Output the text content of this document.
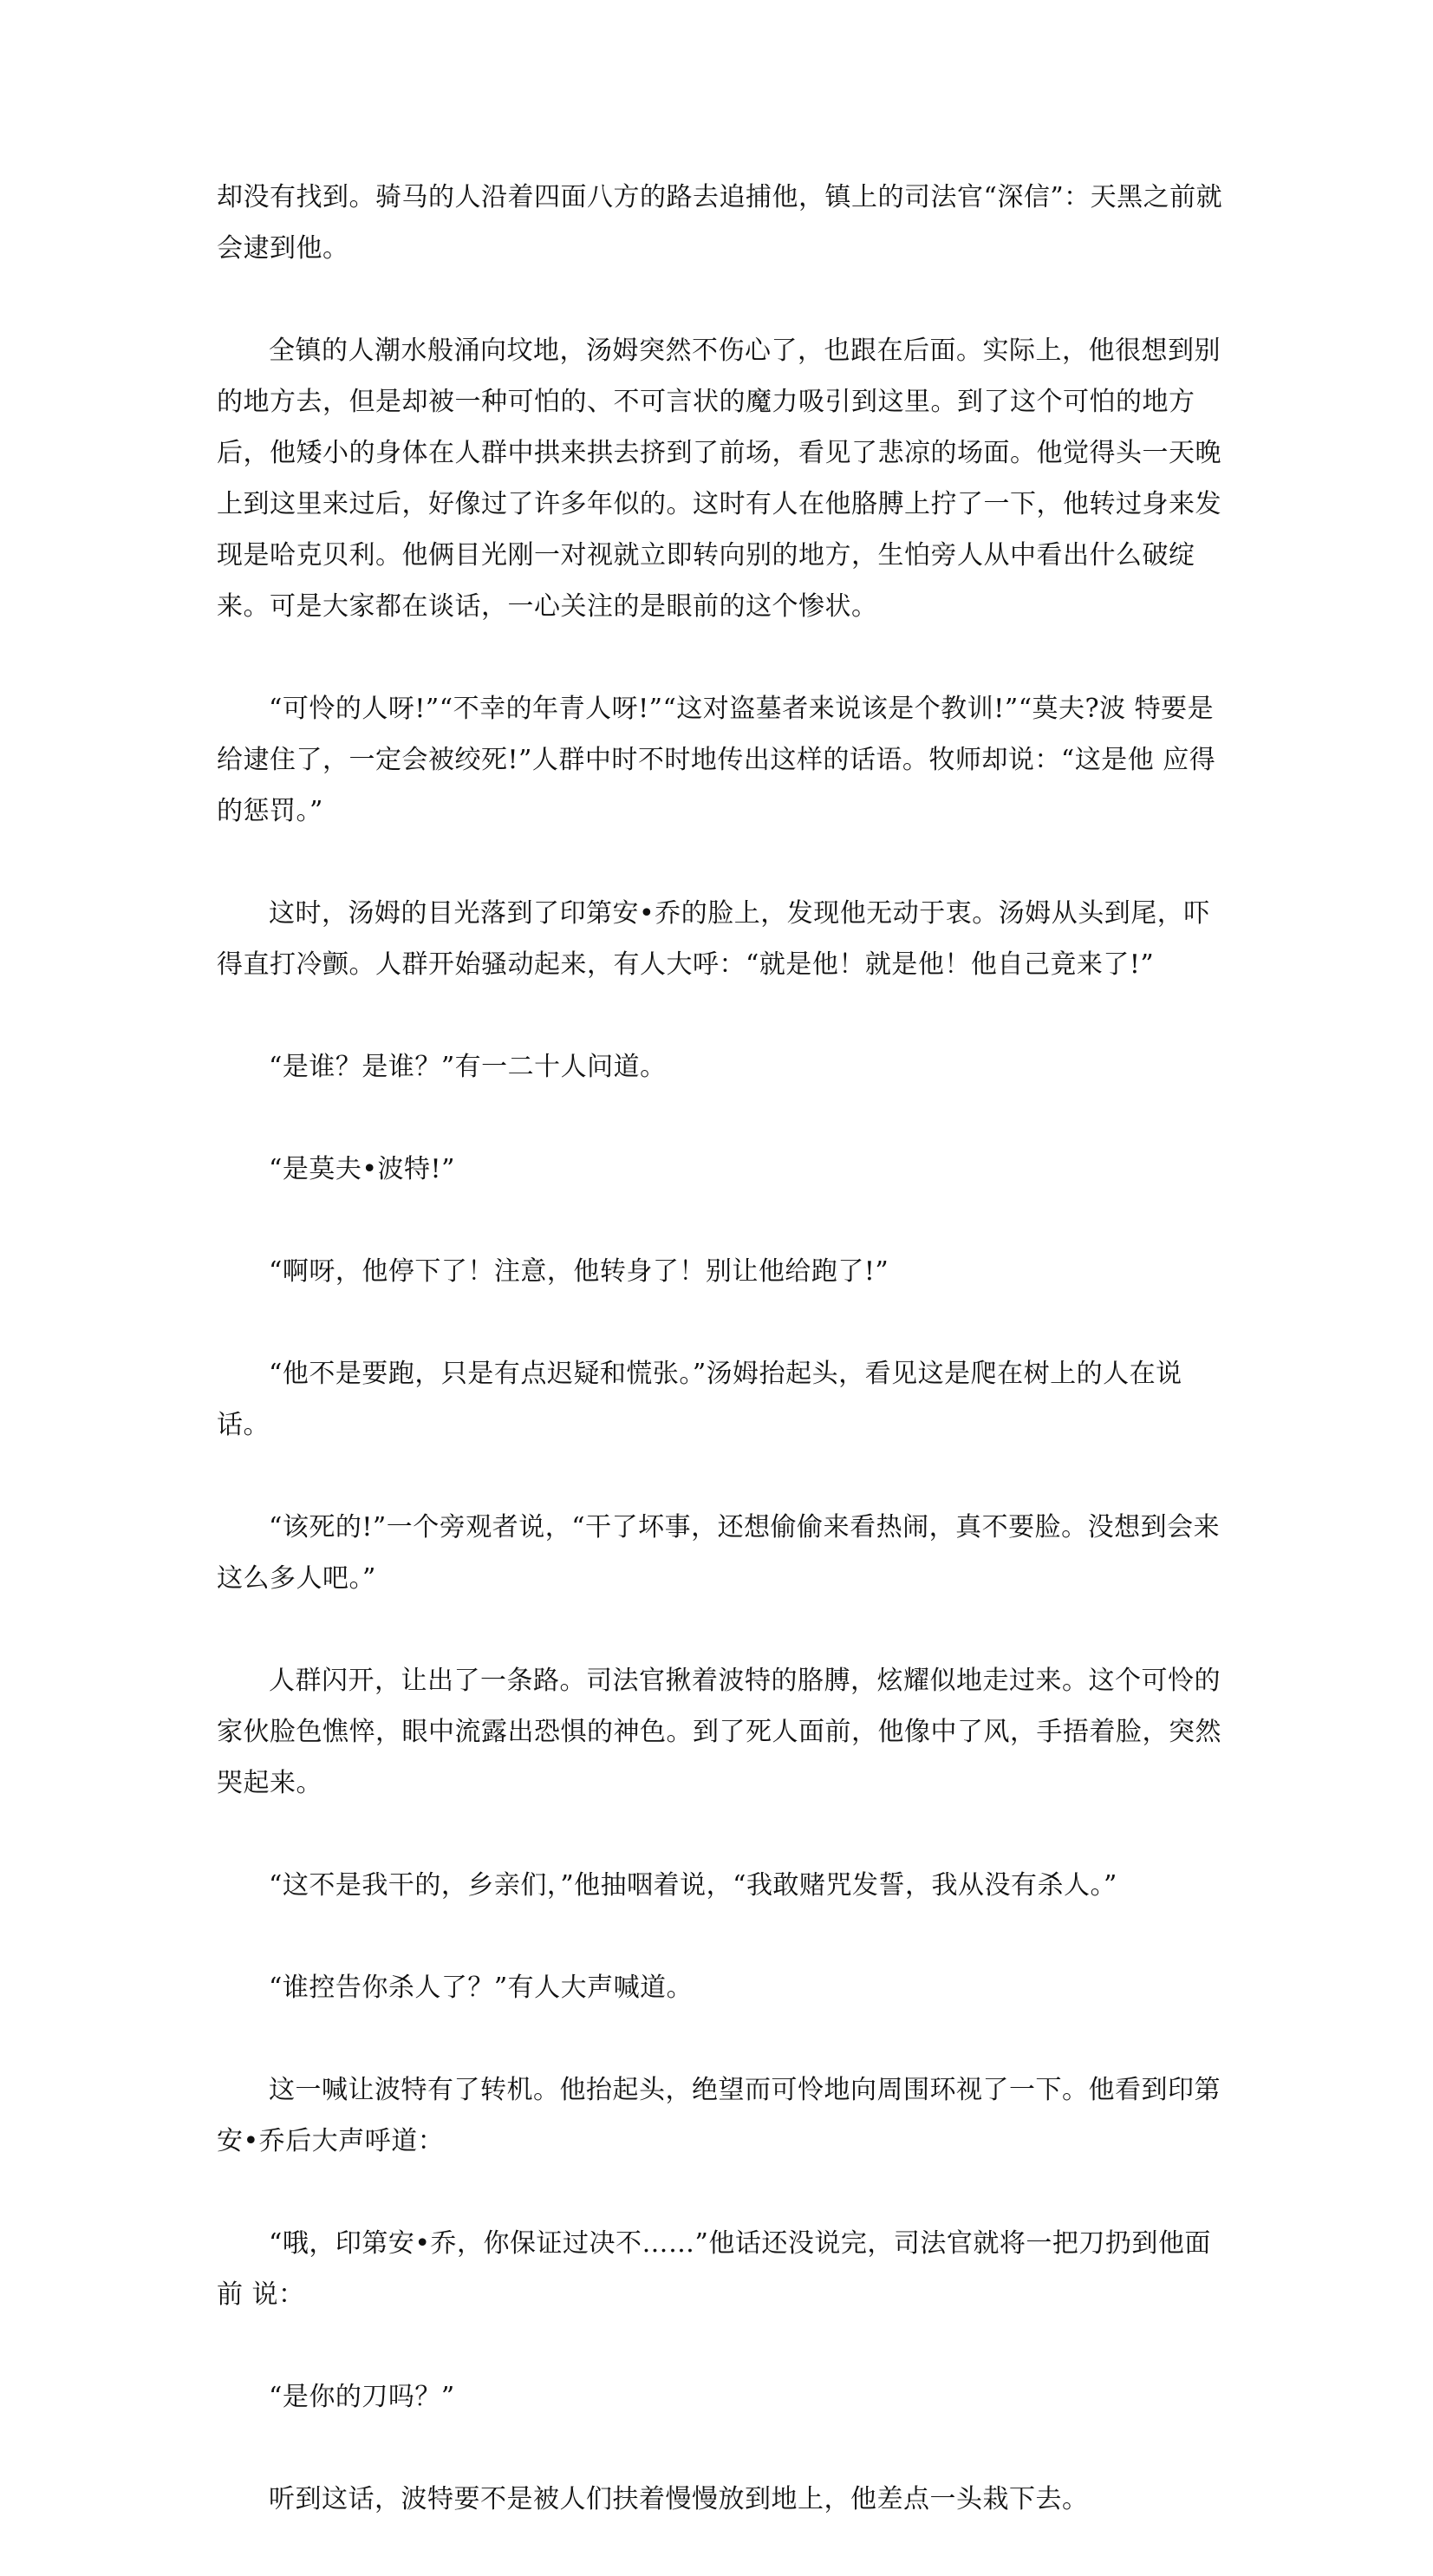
却没有找到。骑马的人沿着四面八方的路去追捕他，镇上的司法官“深信”：天黑之前就 会逮到他。

全镇的人潮水般涌向坟地，汤姆突然不伤心了，也跟在后面。实际上，他很想到别的地方去，但是却被一种可怕的、不可言状的魔力吸引到这里。到了这个可怕的地方后，他矮小的身体在人群中拱来拱去挤到了前场，看见了悲凉的场面。他觉得头一天晚上到这里来过后，好像过了许多年似的。这时有人在他胳膊上拧了一下，他转过身来发现是哈克贝利。他俩目光刚一对视就立即转向别的地方，生怕旁人从中看出什么破绽来。可是大家都在谈话，一心关注的是眼前的这个惨状。

“可怜的人呀!”“不幸的年青人呀!”“这对盗墓者来说该是个教训!”“莫夫?波 特要是给逮住了，一定会被绞死!”人群中时不时地传出这样的话语。牧师却说：“这是他 应得的惩罚。”

这时，汤姆的目光落到了印第安•乔的脸上，发现他无动于衷。汤姆从头到尾，吓得直打冷颤。人群开始骚动起来，有人大呼：“就是他！就是他！他自己竟来了!”

“是谁？是谁？”有一二十人问道。

“是莫夫•波特!”

“啊呀，他停下了！注意，他转身了！别让他给跑了!”

“他不是要跑，只是有点迟疑和慌张。”汤姆抬起头，看见这是爬在树上的人在说话。

“该死的!”一个旁观者说，“干了坏事，还想偷偷来看热闹，真不要脸。没想到会来 这么多人吧。”

人群闪开，让出了一条路。司法官揪着波特的胳膊，炫耀似地走过来。这个可怜的家伙脸色憔悴，眼中流露出恐惧的神色。到了死人面前，他像中了风，手捂着脸，突然哭起来。

“这不是我干的，乡亲们，”他抽咽着说，“我敢赌咒发誓，我从没有杀人。”

“谁控告你杀人了？”有人大声喊道。

这一喊让波特有了转机。他抬起头，绝望而可怜地向周围环视了一下。他看到印第安•乔后大声呼道：

“哦，印第安•乔，你保证过决不……”他话还没说完，司法官就将一把刀扔到他面前 说：

“是你的刀吗？”

听到这话，波特要不是被人们扶着慢慢放到地上，他差点一头栽下去。
